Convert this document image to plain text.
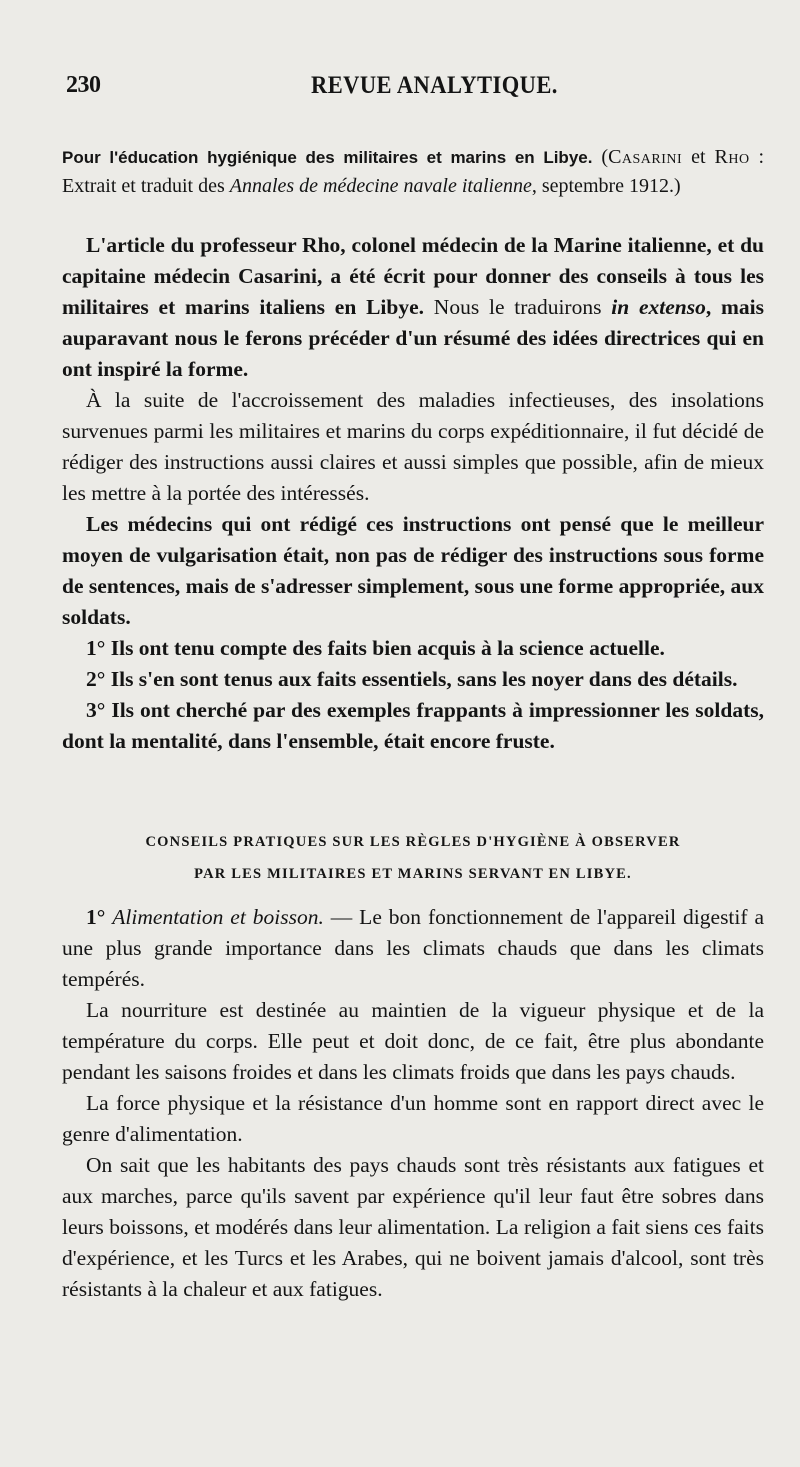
230	REVUE ANALYTIQUE.
Pour l'éducation hygiénique des militaires et marins en Libye. (Casarini et Rho : Extrait et traduit des Annales de médecine navale italienne, septembre 1912.)

L'article du professeur Rho, colonel médecin de la Marine italienne, et du capitaine médecin Casarini, a été écrit pour donner des conseils à tous les militaires et marins italiens en Libye. Nous le traduirons in extenso, mais auparavant nous le ferons précéder d'un résumé des idées directrices qui en ont inspiré la forme.

À la suite de l'accroissement des maladies infectieuses, des insolations survenues parmi les militaires et marins du corps expéditionnaire, il fut décidé de rédiger des instructions aussi claires et aussi simples que possible, afin de mieux les mettre à la portée des intéressés.

Les médecins qui ont rédigé ces instructions ont pensé que le meilleur moyen de vulgarisation était, non pas de rédiger des instructions sous forme de sentences, mais de s'adresser simplement, sous une forme appropriée, aux soldats.

1° Ils ont tenu compte des faits bien acquis à la science actuelle.

2° Ils s'en sont tenus aux faits essentiels, sans les noyer dans des détails.

3° Ils ont cherché par des exemples frappants à impressionner les soldats, dont la mentalité, dans l'ensemble, était encore fruste.

CONSEILS PRATIQUES SUR LES RÈGLES D'HYGIÈNE À OBSERVER
PAR LES MILITAIRES ET MARINS SERVANT EN LIBYE.

1° Alimentation et boisson. — Le bon fonctionnement de l'appareil digestif a une plus grande importance dans les climats chauds que dans les climats tempérés.

La nourriture est destinée au maintien de la vigueur physique et de la température du corps. Elle peut et doit donc, de ce fait, être plus abondante pendant les saisons froides et dans les climats froids que dans les pays chauds.

La force physique et la résistance d'un homme sont en rapport direct avec le genre d'alimentation.

On sait que les habitants des pays chauds sont très résistants aux fatigues et aux marches, parce qu'ils savent par expérience qu'il leur faut être sobres dans leurs boissons, et modérés dans leur alimentation. La religion a fait siens ces faits d'expérience, et les Turcs et les Arabes, qui ne boivent jamais d'alcool, sont très résistants à la chaleur et aux fatigues.
